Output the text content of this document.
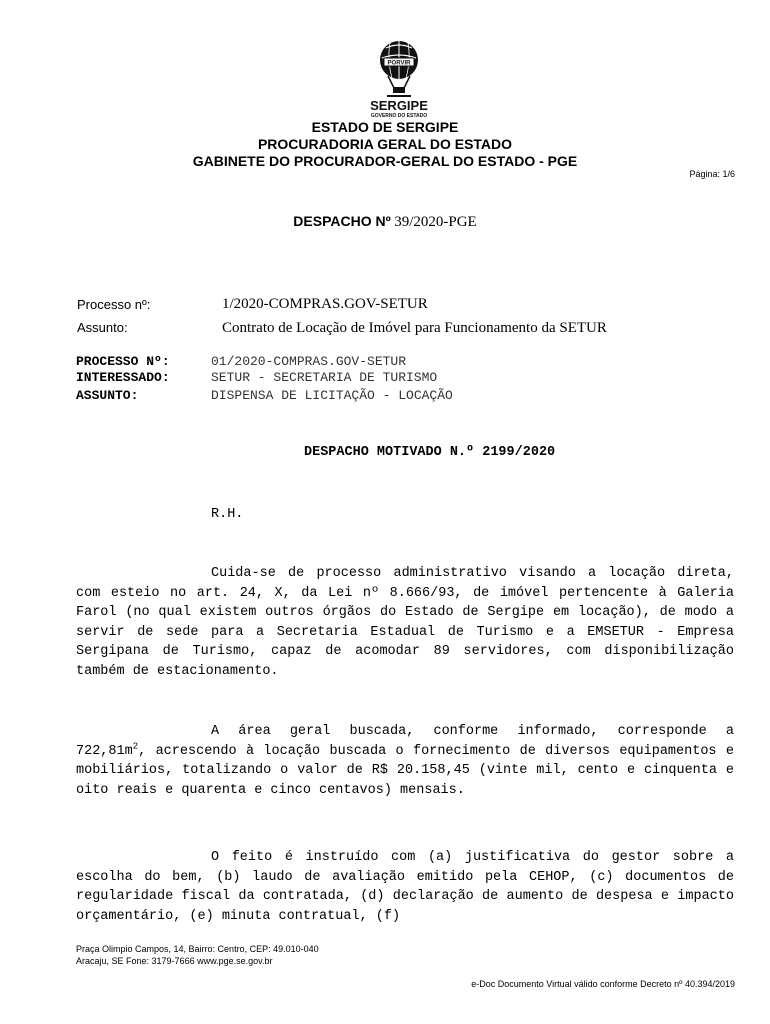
PORVIR
SERGIPE
GOVERNO DO ESTADO
ESTADO DE SERGIPE
PROCURADORIA GERAL DO ESTADO
GABINETE DO PROCURADOR-GERAL DO ESTADO - PGE
Página: 1/6
DESPACHO Nº 39/2020-PGE
Processo nº:	1/2020-COMPRAS.GOV-SETUR
Assunto:	Contrato de Locação de Imóvel para Funcionamento da SETUR
PROCESSO Nº:	01/2020-COMPRAS.GOV-SETUR
INTERESSADO:	SETUR - SECRETARIA DE TURISMO
ASSUNTO:	DISPENSA DE LICITAÇÃO - LOCAÇÃO
DESPACHO MOTIVADO N.º 2199/2020
R.H.

Cuida-se de processo administrativo visando a locação direta, com esteio no art. 24, X, da Lei nº 8.666/93, de imóvel pertencente à Galeria Farol (no qual existem outros órgãos do Estado de Sergipe em locação), de modo a servir de sede para a Secretaria Estadual de Turismo e a EMSETUR - Empresa Sergipana de Turismo, capaz de acomodar 89 servidores, com disponibilização também de estacionamento.

A área geral buscada, conforme informado, corresponde a $722,81m^2$, acrescendo à locação buscada o fornecimento de diversos equipamentos e mobiliários, totalizando o valor de R$ 20.158,45 (vinte mil, cento e cinquenta e oito reais e quarenta e cinco centavos) mensais.

O feito é instruído com (a) justificativa do gestor sobre a escolha do bem, (b) laudo de avaliação emitido pela CEHOP, (c) documentos de regularidade fiscal da contratada, (d) declaração de aumento de despesa e impacto orçamentário, (e) minuta contratual, (f)

Praça Olimpio Campos, 14, Bairro: Centro, CEP: 49.010-040
Aracaju, SE Fone: 3179-7666 www.pge.se.gov.br
e-Doc Documento Virtual válido conforme Decreto nº 40.394/2019
